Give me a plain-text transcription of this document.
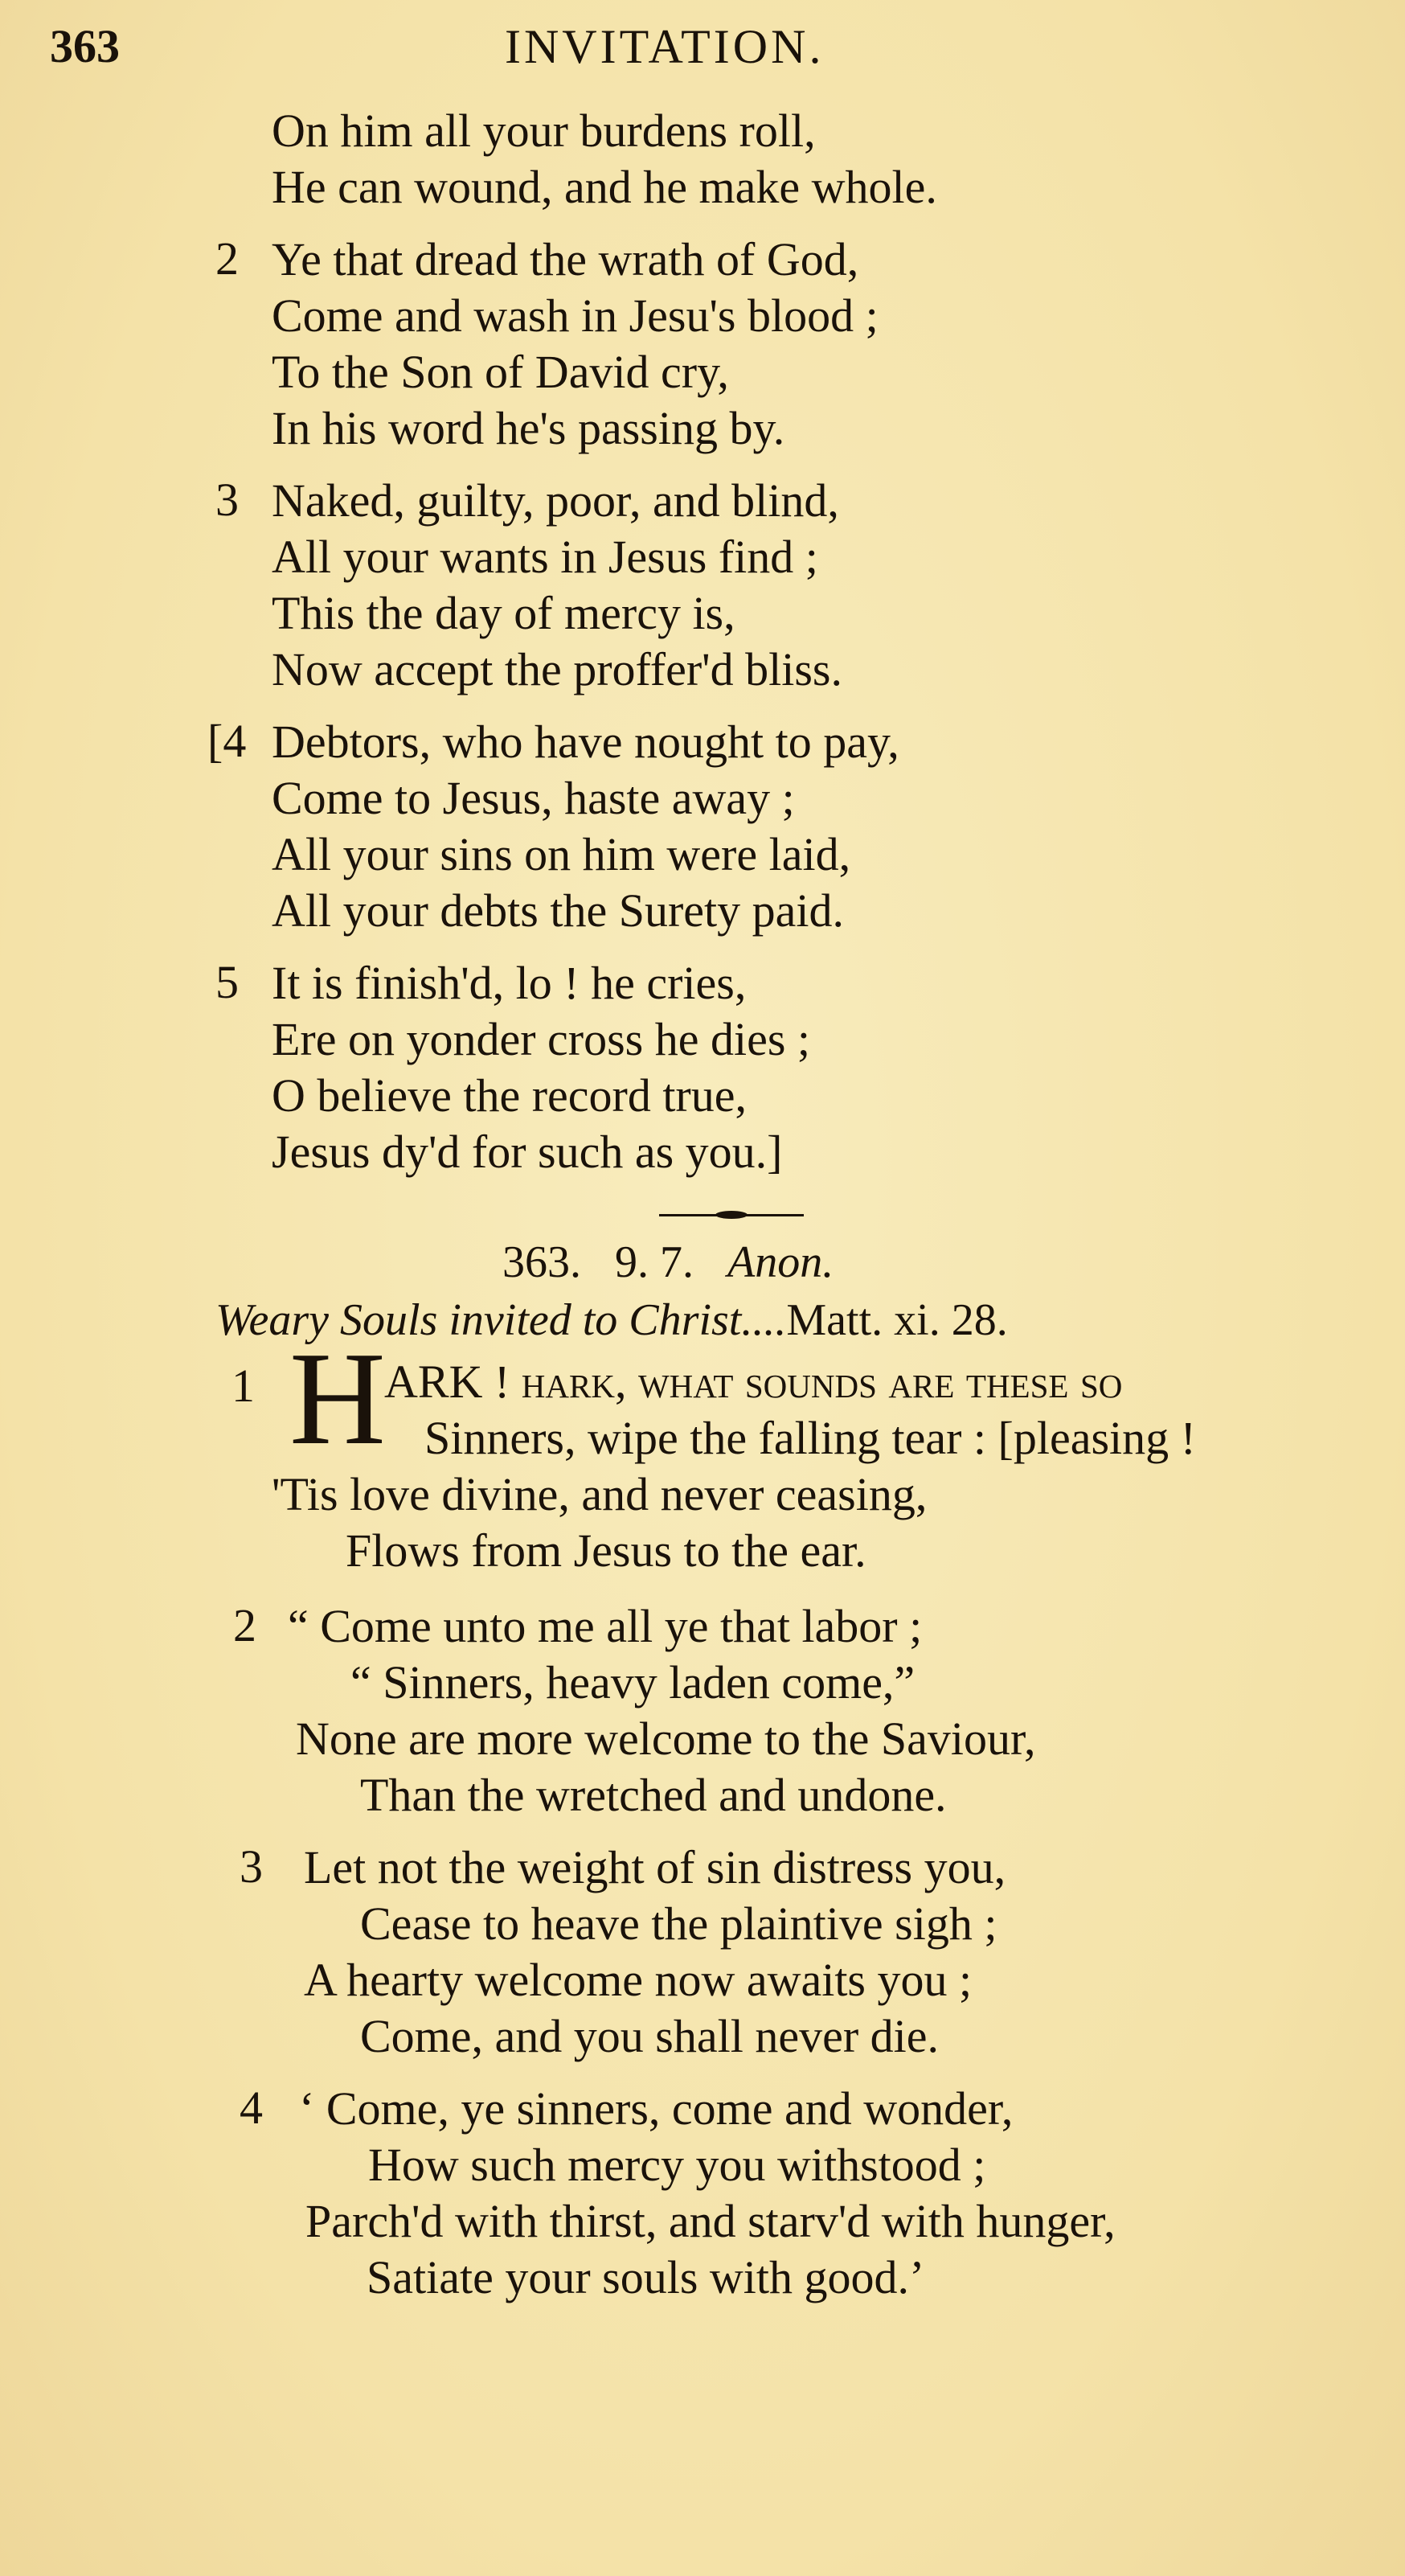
363	INVITATION.
On him all your burdens roll,
He can wound, and he make whole.
2 Ye that dread the wrath of God,
Come and wash in Jesu's blood ;
To the Son of David cry,
In his word he's passing by.
3 Naked, guilty, poor, and blind,
All your wants in Jesus find ;
This the day of mercy is,
Now accept the proffer'd bliss.
[4 Debtors, who have nought to pay,
Come to Jesus, haste away ;
All your sins on him were laid,
All your debts the Surety paid.
5 It is finish'd, lo ! he cries,
Ere on yonder cross he dies ;
O believe the record true,
Jesus dy'd for such as you.]
363. 9. 7. Anon.
Weary Souls invited to Christ....Matt. xi. 28.
1 H
ARK ! hark, what sounds are these so
Sinners, wipe the falling tear : [pleasing !
'Tis love divine, and never ceasing,
Flows from Jesus to the ear.
2 “ Come unto me all ye that labor ;
“ Sinners, heavy laden come,”
None are more welcome to the Saviour,
Than the wretched and undone.
3 Let not the weight of sin distress you,
Cease to heave the plaintive sigh ;
A hearty welcome now awaits you ;
Come, and you shall never die.
4 ‘ Come, ye sinners, come and wonder,
How such mercy you withstood ;
Parch'd with thirst, and starv'd with hunger,
Satiate your souls with good.’
